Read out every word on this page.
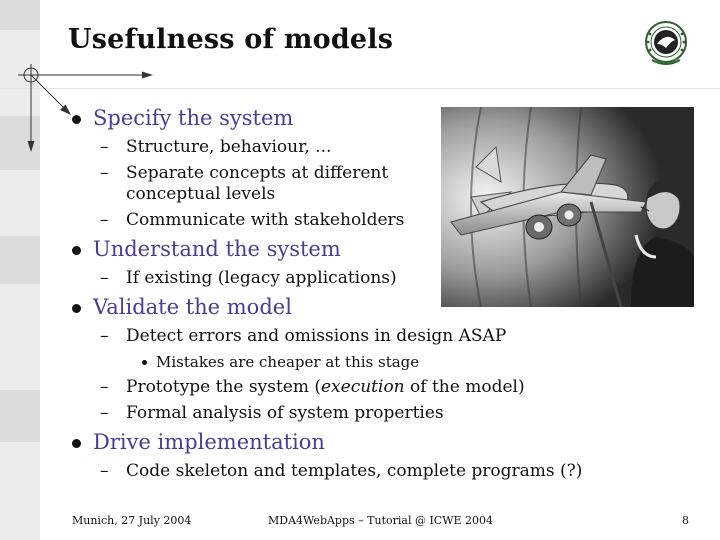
Usefulness of models
Specify the system
– Structure, behaviour, ...
– Separate concepts at different
conceptual levels
– Communicate with stakeholders
Understand the system
– If existing (legacy applications)
Validate the model
– Detect errors and omissions in design ASAP
Mistakes are cheaper at this stage
– Prototype the system (execution of the model)
– Formal analysis of system properties
Drive implementation
– Code skeleton and templates, complete programs (?)
Munich, 27 July 2004	MDA4WebApps – Tutorial @ ICWE 2004	8
